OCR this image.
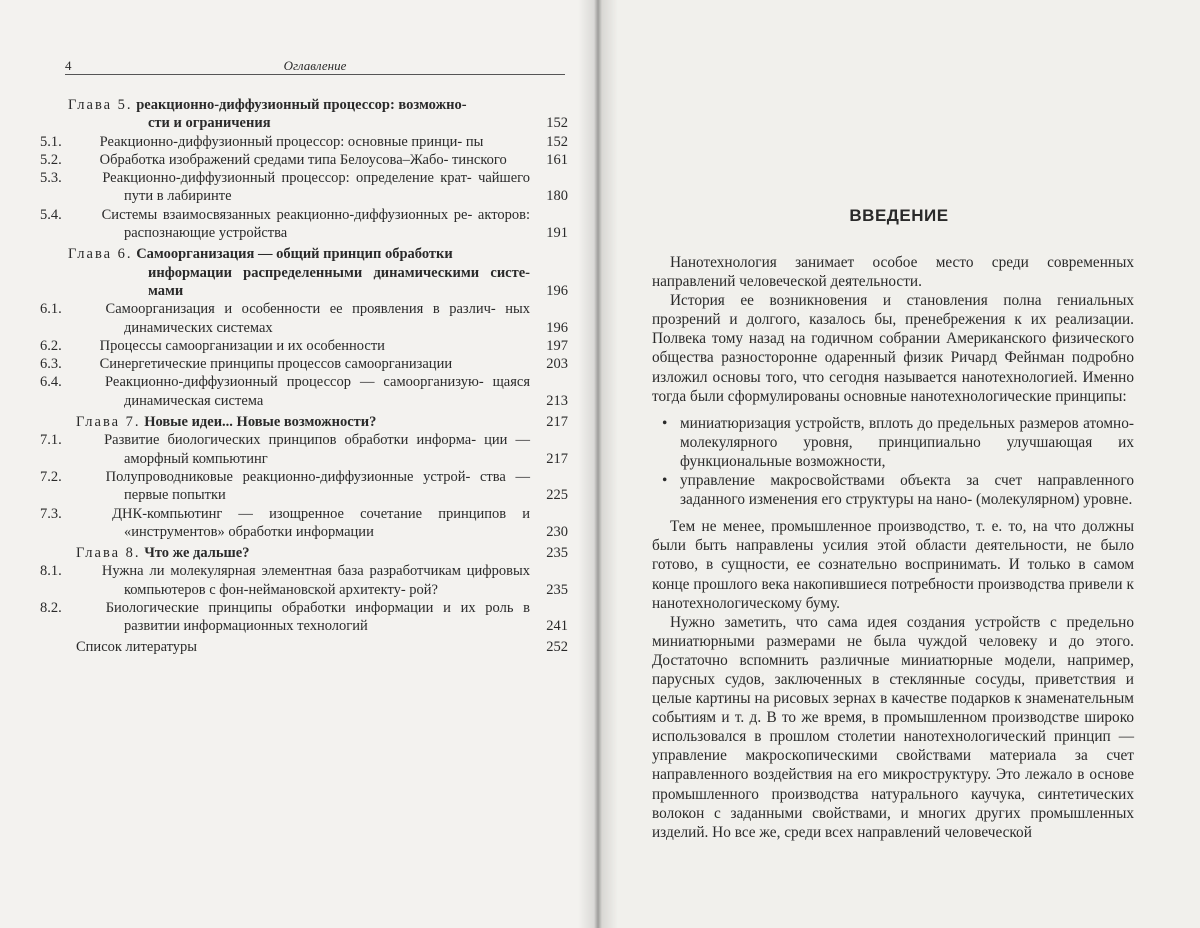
4	Оглавление
Глава 5. реакционно-диффузионный процессор: возможно-
сти и ограничения	152
5.1.	Реакционно-диффузионный процессор: основные принци- пы	152
5.2.	Обработка изображений средами типа Белоусова–Жабо- тинского	161
5.3.	Реакционно-диффузионный процессор: определение крат- чайшего пути в лабиринте	180
5.4.	Системы взаимосвязанных реакционно-диффузионных ре- акторов: распознающие устройства	191
Глава 6. Самоорганизация — общий принцип обработки
информации распределенными динамическими систе- мами	196
6.1.	Самоорганизация и особенности ее проявления в различ- ных динамических системах	196
6.2.	Процессы самоорганизации и их особенности	197
6.3.	Синергетические принципы процессов самоорганизации	203
6.4.	Реакционно-диффузионный процессор — самоорганизую- щаяся динамическая система	213
Глава 7. Новые идеи... Новые возможности?	217
7.1.	Развитие биологических принципов обработки информа- ции — аморфный компьютинг	217
7.2.	Полупроводниковые реакционно-диффузионные устрой- ства — первые попытки	225
7.3.	ДНК-компьютинг — изощренное сочетание принципов и «инструментов» обработки информации	230
Глава 8. Что же дальше?	235
8.1.	Нужна ли молекулярная элементная база разработчикам цифровых компьютеров с фон-неймановской архитекту- рой?	235
8.2.	Биологические принципы обработки информации и их роль в развитии информационных технологий	241
Список литературы	252
ВВЕДЕНИЕ

Нанотехнология занимает особое место среди современных направлений человеческой деятельности.

История ее возникновения и становления полна гениальных прозрений и долгого, казалось бы, пренебрежения к их реализации. Полвека тому назад на годичном собрании Американского физического общества разносторонне одаренный физик Ричард Фейнман подробно изложил основы того, что сегодня называется нанотехнологией. Именно тогда были сформулированы основные нанотехнологические принципы:

• миниатюризация устройств, вплоть до предельных размеров атомно-молекулярного уровня, принципиально улучшающая их функциональные возможности,
• управление макросвойствами объекта за счет направленного заданного изменения его структуры на нано- (молекулярном) уровне.

Тем не менее, промышленное производство, т. е. то, на что должны были быть направлены усилия этой области деятельности, не было готово, в сущности, ее сознательно воспринимать. И только в самом конце прошлого века накопившиеся потребности производства привели к нанотехнологическому буму.

Нужно заметить, что сама идея создания устройств с предельно миниатюрными размерами не была чуждой человеку и до этого. Достаточно вспомнить различные миниатюрные модели, например, парусных судов, заключенных в стеклянные сосуды, приветствия и целые картины на рисовых зернах в качестве подарков к знаменательным событиям и т. д. В то же время, в промышленном производстве широко использовался в прошлом столетии нанотехнологический принцип — управление макроскопическими свойствами материала за счет направленного воздействия на его микроструктуру. Это лежало в основе промышленного производства натурального каучука, синтетических волокон с заданными свойствами, и многих других промышленных изделий. Но все же, среди всех направлений человеческой
